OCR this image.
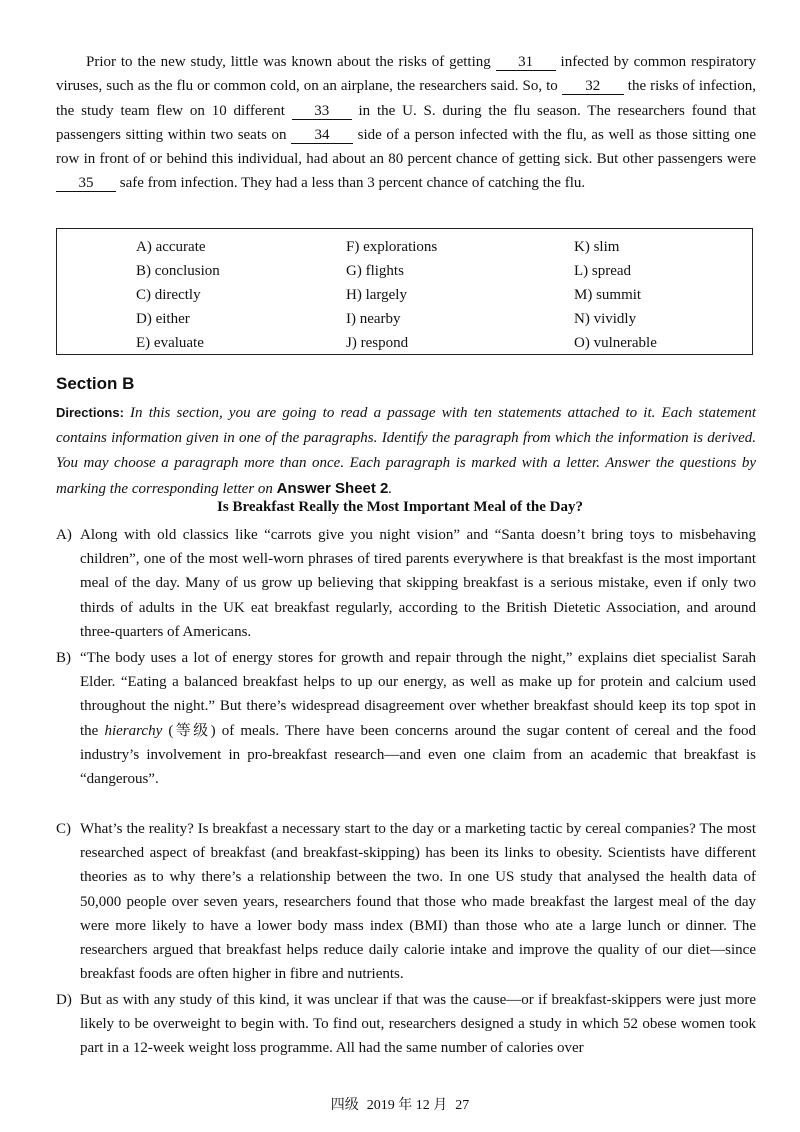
Prior to the new study, little was known about the risks of getting 31 infected by common respiratory viruses, such as the flu or common cold, on an airplane, the researchers said. So, to 32 the risks of infection, the study team flew on 10 different 33 in the U. S. during the flu season. The researchers found that passengers sitting within two seats on 34 side of a person infected with the flu, as well as those sitting one row in front of or behind this individual, had about an 80 percent chance of getting sick. But other passengers were 35 safe from infection. They had a less than 3 percent chance of catching the flu.
A) accurate
B) conclusion
C) directly
D) either
E) evaluate
F) explorations
G) flights
H) largely
I) nearby
J) respond
K) slim
L) spread
M) summit
N) vividly
O) vulnerable
Section B
Directions: In this section, you are going to read a passage with ten statements attached to it. Each statement contains information given in one of the paragraphs. Identify the paragraph from which the information is derived. You may choose a paragraph more than once. Each paragraph is marked with a letter. Answer the questions by marking the corresponding letter on Answer Sheet 2.
Is Breakfast Really the Most Important Meal of the Day?
A) Along with old classics like “carrots give you night vision” and “Santa doesn’t bring toys to misbehaving children”, one of the most well-worn phrases of tired parents everywhere is that breakfast is the most important meal of the day. Many of us grow up believing that skipping breakfast is a serious mistake, even if only two thirds of adults in the UK eat breakfast regularly, according to the British Dietetic Association, and around three-quarters of Americans.
B) “The body uses a lot of energy stores for growth and repair through the night,” explains diet specialist Sarah Elder. “Eating a balanced breakfast helps to up our energy, as well as make up for protein and calcium used throughout the night.” But there’s widespread disagreement over whether breakfast should keep its top spot in the hierarchy (等级) of meals. There have been concerns around the sugar content of cereal and the food industry’s involvement in pro-breakfast research—and even one claim from an academic that breakfast is “dangerous”.
C) What’s the reality? Is breakfast a necessary start to the day or a marketing tactic by cereal companies? The most researched aspect of breakfast (and breakfast-skipping) has been its links to obesity. Scientists have different theories as to why there’s a relationship between the two. In one US study that analysed the health data of 50,000 people over seven years, researchers found that those who made breakfast the largest meal of the day were more likely to have a lower body mass index (BMI) than those who ate a large lunch or dinner. The researchers argued that breakfast helps reduce daily calorie intake and improve the quality of our diet—since breakfast foods are often higher in fibre and nutrients.
D) But as with any study of this kind, it was unclear if that was the cause—or if breakfast-skippers were just more likely to be overweight to begin with. To find out, researchers designed a study in which 52 obese women took part in a 12-week weight loss programme. All had the same number of calories over
四级 2019 年 12 月 27
